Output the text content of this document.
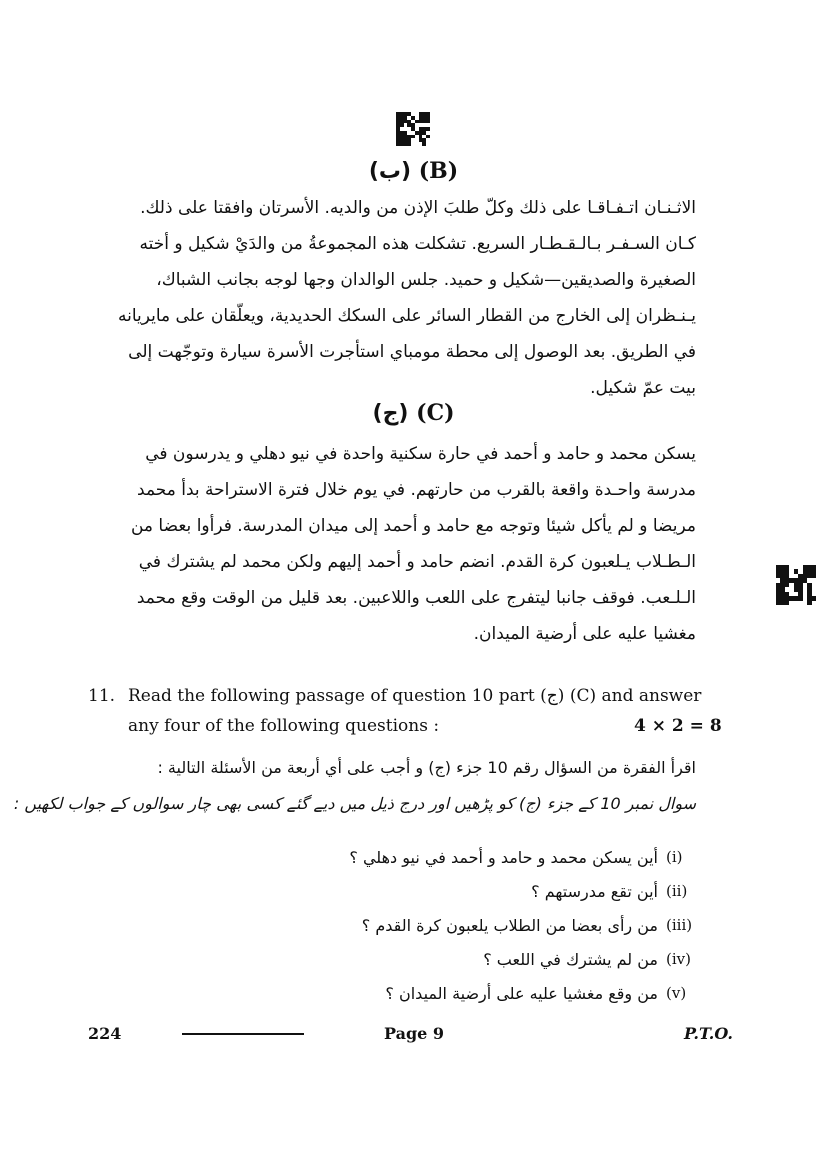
(ب) (B)
الاثـنـان اتـفـاقـا على ذلك وكلّ طلبَ الإذن من والديه. الأسرتان وافقتا على ذلك.
كـان السـفـر بـالـقـطـار السريع. تشكلت هذه المجموعةُ من والدَيْ شكيل و أخته
الصغيرة والصديقين—شكيل و حميد. جلس الوالدان وجها لوجه بجانب الشباك،
يـنـظران إلى الخارج من القطار السائر على السكك الحديدية، ويعلّقان على مايريانه
في الطريق. بعد الوصول إلى محطة مومباي استأجرت الأسرة سيارة وتوجّهت إلى
بيت عمّ شكيل.
(ج) (C)
يسكن محمد و حامد و أحمد في حارة سكنية واحدة في نيو دهلي و يدرسون في
مدرسة واحـدة واقعة بالقرب من حارتهم. في يوم خلال فترة الاستراحة بدأ محمد
مريضا و لم يأكل شيئا وتوجه مع حامد و أحمد إلى ميدان المدرسة. فرأوا بعضا من
الـطـلاب يـلعبون كرة القدم. انضم حامد و أحمد إليهم ولكن محمد لم يشترك في
الـلـعب. فوقف جانبا ليتفرج على اللعب واللاعبين. بعد قليل من الوقت وقع محمد
مغشيا عليه على أرضية الميدان.
11. Read the following passage of question 10 part (ج) (C) and answer
any four of the following questions :	4 × 2 = 8
اقرأ الفقرة من السؤال رقم 10 جزء (ج) و أجب على أي أربعة من الأسئلة التالية :
سوال نمبر 10 کے جزء (ج) کو پڑھیں اور درج ذیل میں دیے گئے کسی بھی چار سوالوں کے جواب لکھیں :
(i)
أين يسكن محمد و حامد و أحمد في نيو دهلي ؟
(ii)
أين تقع مدرستهم ؟
(iii)
من رأى بعضا من الطلاب يلعبون كرة القدم ؟
(iv)
من لم يشترك في اللعب ؟
(v)
من وقع مغشيا عليه على أرضية الميدان ؟
224	Page 9	P.T.O.
